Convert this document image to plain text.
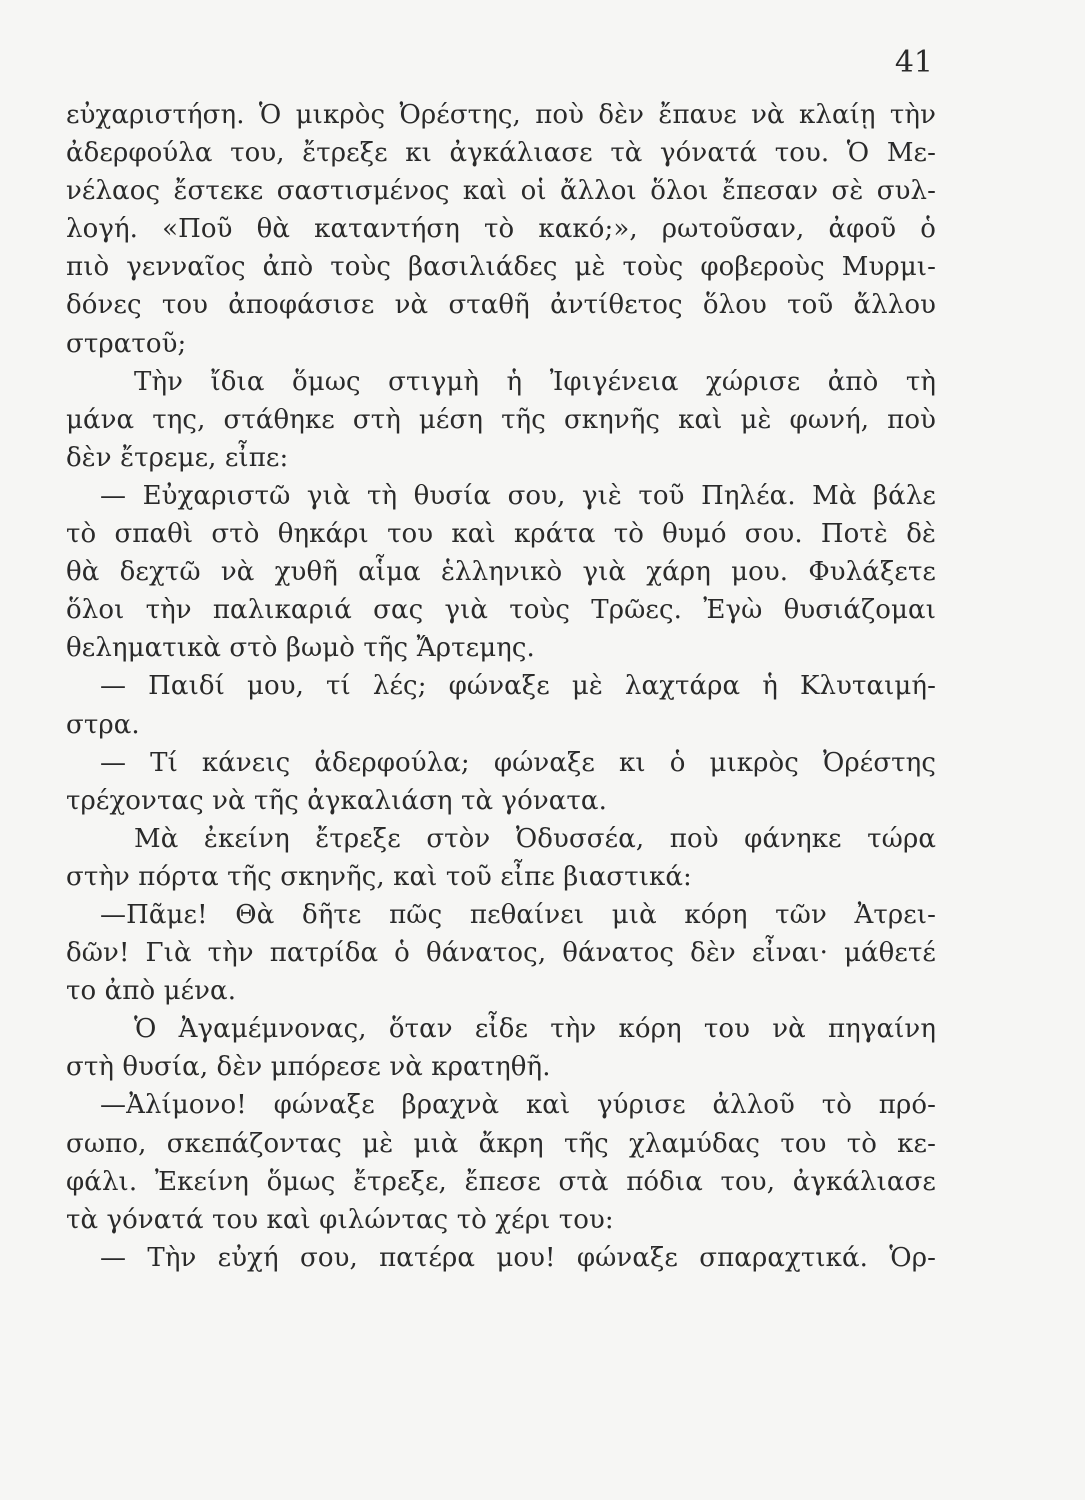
41
εὐχαριστήση. Ὁ μικρὸς Ὀρέστης, ποὺ δὲν ἔπαυε νὰ κλαίῃ τὴν
ἀδερφούλα του, ἔτρεξε κι ἀγκάλιασε τὰ γόνατά του. Ὁ Με-
νέλαος ἔστεκε σαστισμένος καὶ οἱ ἄλλοι ὅλοι ἔπεσαν σὲ συλ-
λογή. «Ποῦ θὰ καταντήση τὸ κακό;», ρωτοῦσαν, ἀφοῦ ὁ
πιὸ γενναῖος ἀπὸ τοὺς βασιλιάδες μὲ τοὺς φοβεροὺς Μυρμι-
δόνες του ἀποφάσισε νὰ σταθῆ ἀντίθετος ὅλου τοῦ ἄλλου
στρατοῦ;
Τὴν ἴδια ὅμως στιγμὴ ἡ Ἰφιγένεια χώρισε ἀπὸ τὴ
μάνα της, στάθηκε στὴ μέση τῆς σκηνῆς καὶ μὲ φωνή, ποὺ
δὲν ἔτρεμε, εἶπε:
— Εὐχαριστῶ γιὰ τὴ θυσία σου, γιὲ τοῦ Πηλέα. Μὰ βάλε
τὸ σπαθὶ στὸ θηκάρι του καὶ κράτα τὸ θυμό σου. Ποτὲ δὲ
θὰ δεχτῶ νὰ χυθῆ αἷμα ἑλληνικὸ γιὰ χάρη μου. Φυλάξετε
ὅλοι τὴν παλικαριά σας γιὰ τοὺς Τρῶες. Ἐγὼ θυσιάζομαι
θεληματικὰ στὸ βωμὸ τῆς Ἄρτεμης.
— Παιδί μου, τί λές; φώναξε μὲ λαχτάρα ἡ Κλυταιμή-
στρα.
— Τί κάνεις ἀδερφούλα; φώναξε κι ὁ μικρὸς Ὀρέστης
τρέχοντας νὰ τῆς ἀγκαλιάση τὰ γόνατα.
Μὰ ἐκείνη ἔτρεξε στὸν Ὀδυσσέα, ποὺ φάνηκε τώρα
στὴν πόρτα τῆς σκηνῆς, καὶ τοῦ εἶπε βιαστικά:
—Πᾶμε! Θὰ δῆτε πῶς πεθαίνει μιὰ κόρη τῶν Ἀτρει-
δῶν! Γιὰ τὴν πατρίδα ὁ θάνατος, θάνατος δὲν εἶναι· μάθετέ
το ἀπὸ μένα.
Ὁ Ἀγαμέμνονας, ὅταν εἶδε τὴν κόρη του νὰ πηγαίνη
στὴ θυσία, δὲν μπόρεσε νὰ κρατηθῆ.
—Ἀλίμονο! φώναξε βραχνὰ καὶ γύρισε ἀλλοῦ τὸ πρό-
σωπο, σκεπάζοντας μὲ μιὰ ἄκρη τῆς χλαμύδας του τὸ κε-
φάλι. Ἐκείνη ὅμως ἔτρεξε, ἔπεσε στὰ πόδια του, ἀγκάλιασε
τὰ γόνατά του καὶ φιλώντας τὸ χέρι του:
— Τὴν εὐχή σου, πατέρα μου! φώναξε σπαραχτικά. Ὁρ-
